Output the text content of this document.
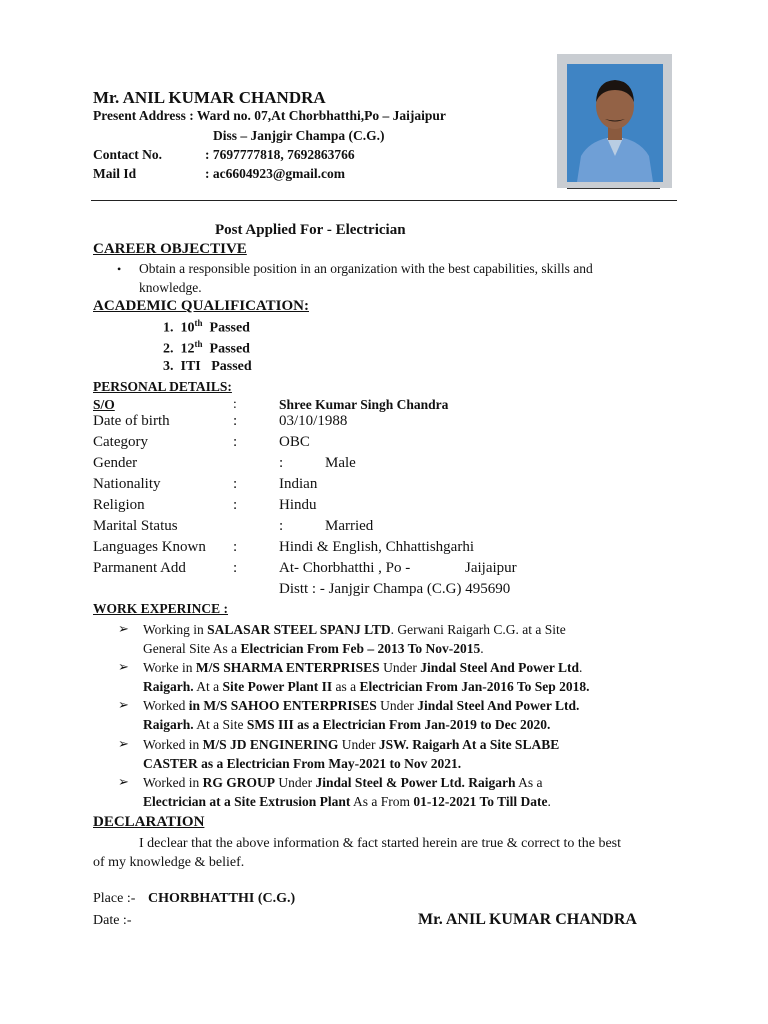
Mr. ANIL KUMAR CHANDRA
Present Address : Ward no. 07,At Chorbhatthi,Po – Jaijaipur
Diss – Janjgir Champa (C.G.)
Contact No.	: 7697777818, 7692863766
Mail Id	: ac6604923@gmail.com
Post Applied For - Electrician
CAREER OBJECTIVE
• Obtain a responsible position in an organization with the best capabilities, skills and
knowledge.
ACADEMIC QUALIFICATION:
1. 10th Passed
2. 12th Passed
3. ITI Passed
PERSONAL DETAILS:
S/O	:	Shree Kumar Singh Chandra
Date of birth	:	03/10/1988
Category	:	OBC
Gender	:	Male
Nationality	:	Indian
Religion	:	Hindu
Marital Status	:	Married
Languages Known :	Hindi & English, Chhattishgarhi
Parmanent Add	:	At- Chorbhatthi , Po -	Jaijaipur
Distt : - Janjgir Champa (C.G) 495690
WORK EXPERINCE :
➢ Working in SALASAR STEEL SPANJ LTD. Gerwani Raigarh C.G. at a Site
General Site As a Electrician From Feb – 2013 To Nov-2015.
➢ Worke in M/S SHARMA ENTERPRISES Under Jindal Steel And Power Ltd.
Raigarh. At a Site Power Plant II as a Electrician From Jan-2016 To Sep 2018.
➢ Worked in M/S SAHOO ENTERPRISES Under Jindal Steel And Power Ltd.
Raigarh. At a Site SMS III as a Electrician From Jan-2019 to Dec 2020.
➢ Worked in M/S JD ENGINERING Under JSW. Raigarh At a Site SLABE
CASTER as a Electrician From May-2021 to Nov 2021.
➢ Worked in RG GROUP Under Jindal Steel & Power Ltd. Raigarh As a
Electrician at a Site Extrusion Plant As a From 01-12-2021 To Till Date.
DECLARATION
I declear that the above information & fact started herein are true & correct to the best
of my knowledge & belief.
Place :- CHORBHATTHI (C.G.)
Date :-	Mr. ANIL KUMAR CHANDRA
